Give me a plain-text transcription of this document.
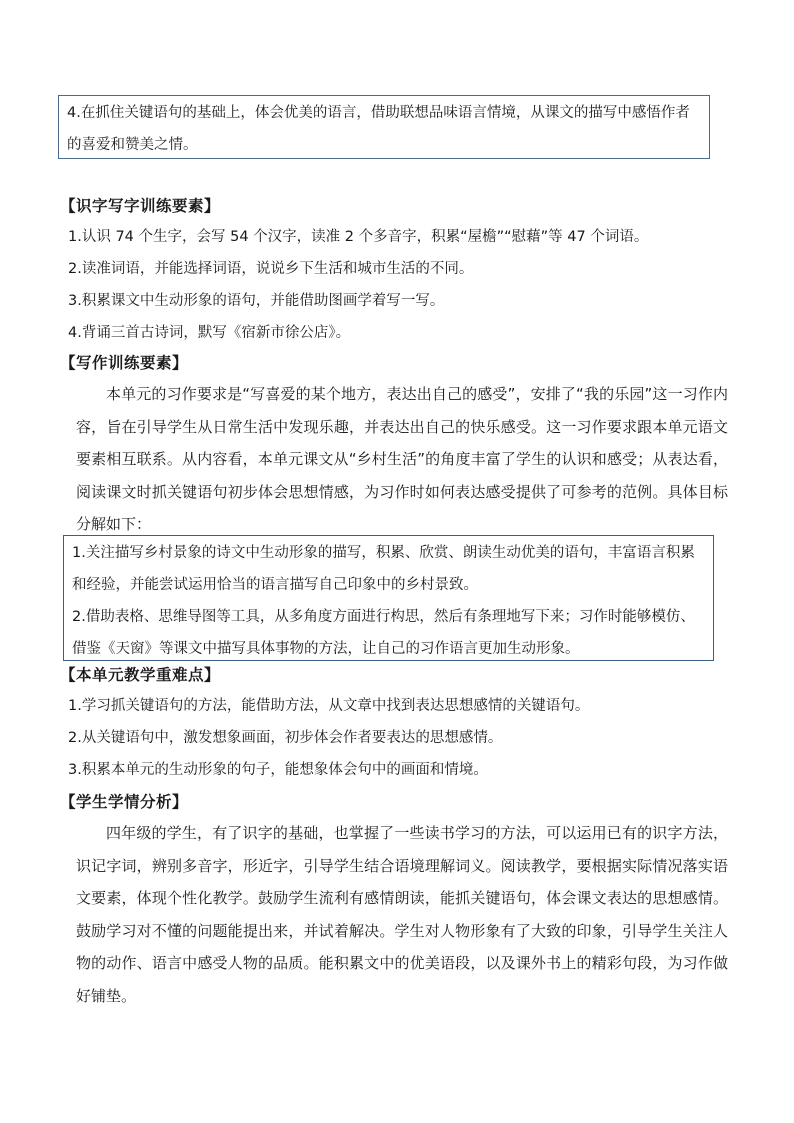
4.在抓住关键语句的基础上，体会优美的语言，借助联想品味语言情境，从课文的描写中感悟作者的喜爱和赞美之情。

【识字写字训练要素】

1.认识 74 个生字，会写 54 个汉字，读准 2 个多音字，积累“屋檐”“慰藉”等 47 个词语。

2.读准词语，并能选择词语，说说乡下生活和城市生活的不同。

3.积累课文中生动形象的语句，并能借助图画学着写一写。

4.背诵三首古诗词，默写《宿新市徐公店》。

【写作训练要素】

本单元的习作要求是“写喜爱的某个地方，表达出自己的感受”，安排了“我的乐园”这一习作内容，旨在引导学生从日常生活中发现乐趣，并表达出自己的快乐感受。这一习作要求跟本单元语文要素相互联系。从内容看，本单元课文从“乡村生活”的角度丰富了学生的认识和感受；从表达看，阅读课文时抓关键语句初步体会思想情感，为习作时如何表达感受提供了可参考的范例。具体目标分解如下：

1.关注描写乡村景象的诗文中生动形象的描写，积累、欣赏、朗读生动优美的语句，丰富语言积累和经验，并能尝试运用恰当的语言描写自己印象中的乡村景致。

2.借助表格、思维导图等工具，从多角度方面进行构思，然后有条理地写下来；习作时能够模仿、借鉴《天窗》等课文中描写具体事物的方法，让自己的习作语言更加生动形象。

【本单元教学重难点】

1.学习抓关键语句的方法，能借助方法，从文章中找到表达思想感情的关键语句。

2.从关键语句中，激发想象画面，初步体会作者要表达的思想感情。

3.积累本单元的生动形象的句子，能想象体会句中的画面和情境。

【学生学情分析】

四年级的学生，有了识字的基础，也掌握了一些读书学习的方法，可以运用已有的识字方法，识记字词，辨别多音字，形近字，引导学生结合语境理解词义。阅读教学，要根据实际情况落实语文要素，体现个性化教学。鼓励学生流利有感情朗读，能抓关键语句，体会课文表达的思想感情。鼓励学习对不懂的问题能提出来，并试着解决。学生对人物形象有了大致的印象，引导学生关注人物的动作、语言中感受人物的品质。能积累文中的优美语段，以及课外书上的精彩句段，为习作做好铺垫。
